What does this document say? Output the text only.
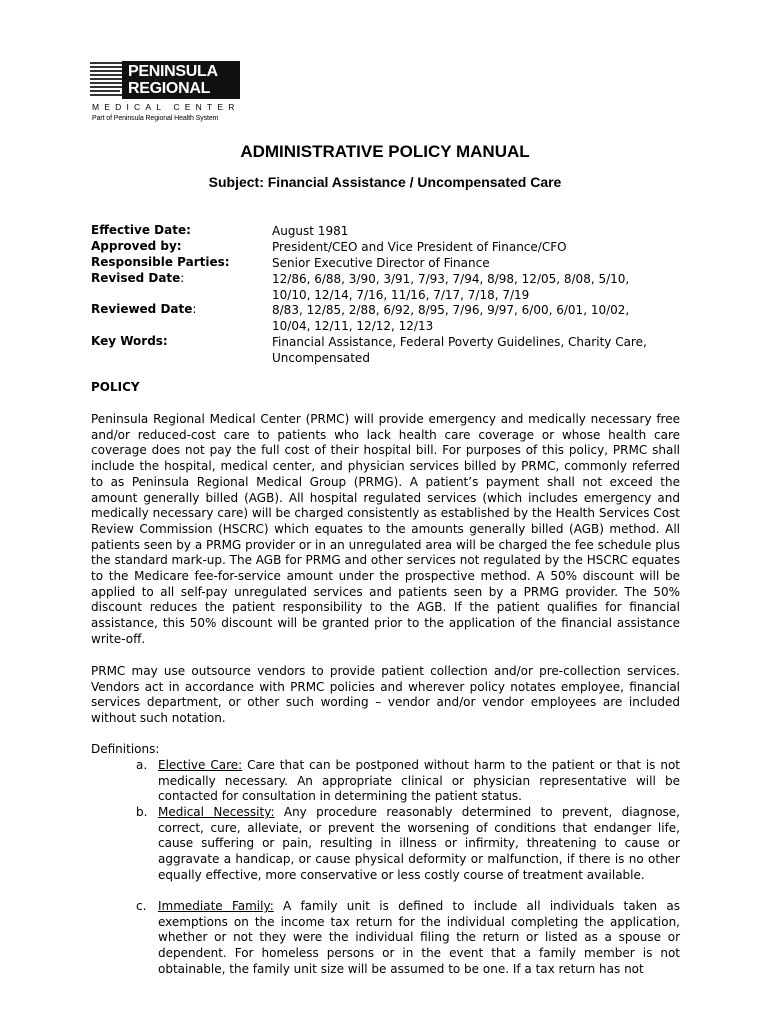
PENINSULA
REGIONAL
MEDICAL CENTER
Part of Peninsula Regional Health System
ADMINISTRATIVE POLICY MANUAL
Subject: Financial Assistance / Uncompensated Care
Effective Date:	August 1981
Approved by:	President/CEO and Vice President of Finance/CFO
Responsible Parties:	Senior Executive Director of Finance
Revised Date:	12/86, 6/88, 3/90, 3/91, 7/93, 7/94, 8/98, 12/05, 8/08, 5/10, 10/10, 12/14, 7/16, 11/16, 7/17, 7/18, 7/19
Reviewed Date:	8/83, 12/85, 2/88, 6/92, 8/95, 7/96, 9/97, 6/00, 6/01, 10/02, 10/04, 12/11, 12/12, 12/13
Key Words:	Financial Assistance, Federal Poverty Guidelines, Charity Care, Uncompensated
POLICY

Peninsula Regional Medical Center (PRMC) will provide emergency and medically necessary free and/or reduced-cost care to patients who lack health care coverage or whose health care coverage does not pay the full cost of their hospital bill. For purposes of this policy, PRMC shall include the hospital, medical center, and physician services billed by PRMC, commonly referred to as Peninsula Regional Medical Group (PRMG). A patient’s payment shall not exceed the amount generally billed (AGB). All hospital regulated services (which includes emergency and medically necessary care) will be charged consistently as established by the Health Services Cost Review Commission (HSCRC) which equates to the amounts generally billed (AGB) method. All patients seen by a PRMG provider or in an unregulated area will be charged the fee schedule plus the standard mark-up. The AGB for PRMG and other services not regulated by the HSCRC equates to the Medicare fee-for-service amount under the prospective method. A 50% discount will be applied to all self-pay unregulated services and patients seen by a PRMG provider. The 50% discount reduces the patient responsibility to the AGB. If the patient qualifies for financial assistance, this 50% discount will be granted prior to the application of the financial assistance write-off.

PRMC may use outsource vendors to provide patient collection and/or pre-collection services. Vendors act in accordance with PRMC policies and wherever policy notates employee, financial services department, or other such wording – vendor and/or vendor employees are included without such notation.

Definitions:
a. Elective Care: Care that can be postponed without harm to the patient or that is not medically necessary. An appropriate clinical or physician representative will be contacted for consultation in determining the patient status.

b. Medical Necessity: Any procedure reasonably determined to prevent, diagnose, correct, cure, alleviate, or prevent the worsening of conditions that endanger life, cause suffering or pain, resulting in illness or infirmity, threatening to cause or aggravate a handicap, or cause physical deformity or malfunction, if there is no other equally effective, more conservative or less costly course of treatment available.

c. Immediate Family: A family unit is defined to include all individuals taken as exemptions on the income tax return for the individual completing the application, whether or not they were the individual filing the return or listed as a spouse or dependent. For homeless persons or in the event that a family member is not obtainable, the family unit size will be assumed to be one. If a tax return has not
